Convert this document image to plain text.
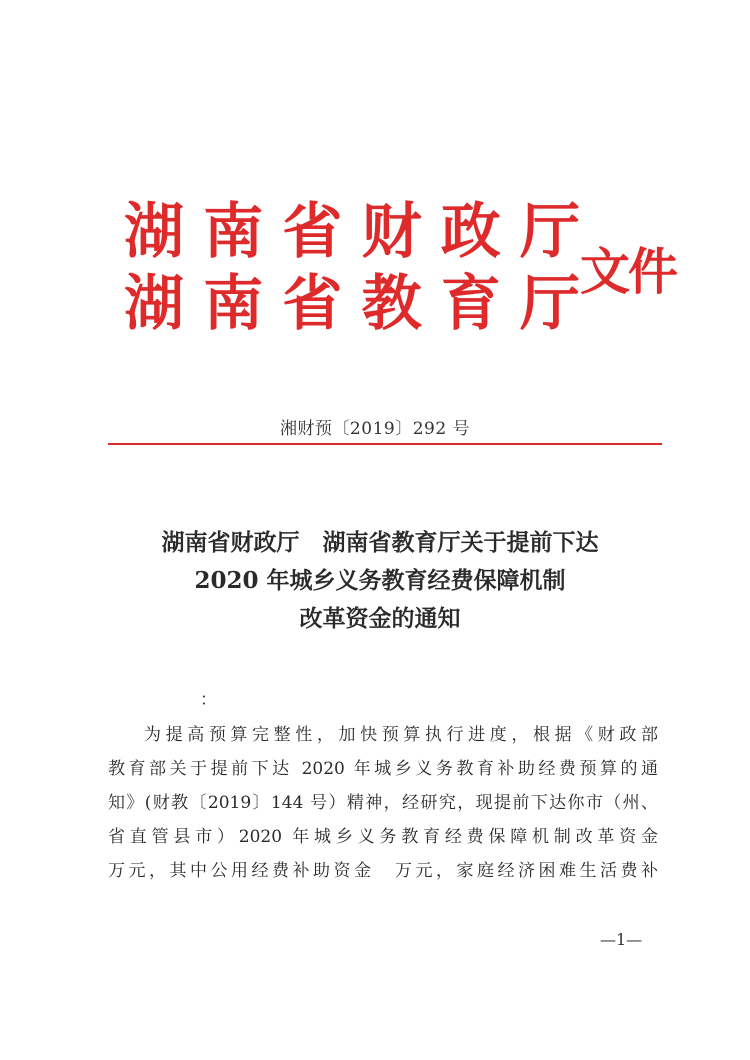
湖 南 省 财 政 厅
湖 南 省 教 育 厅 文件
湘财预〔2019〕292 号
湖南省财政厅　湖南省教育厅关于提前下达
2020 年城乡义务教育经费保障机制
改革资金的通知
：

为提高预算完整性，加快预算执行进度，根据《财政部

教育部关于提前下达 2020 年城乡义务教育补助经费预算的通

知》(财教〔2019〕144 号）精神，经研究，现提前下达你市（州、

省直管县市）2020 年城乡义务教育经费保障机制改革资金

万元，其中公用经费补助资金　万元，家庭经济困难生活费补

—1—
